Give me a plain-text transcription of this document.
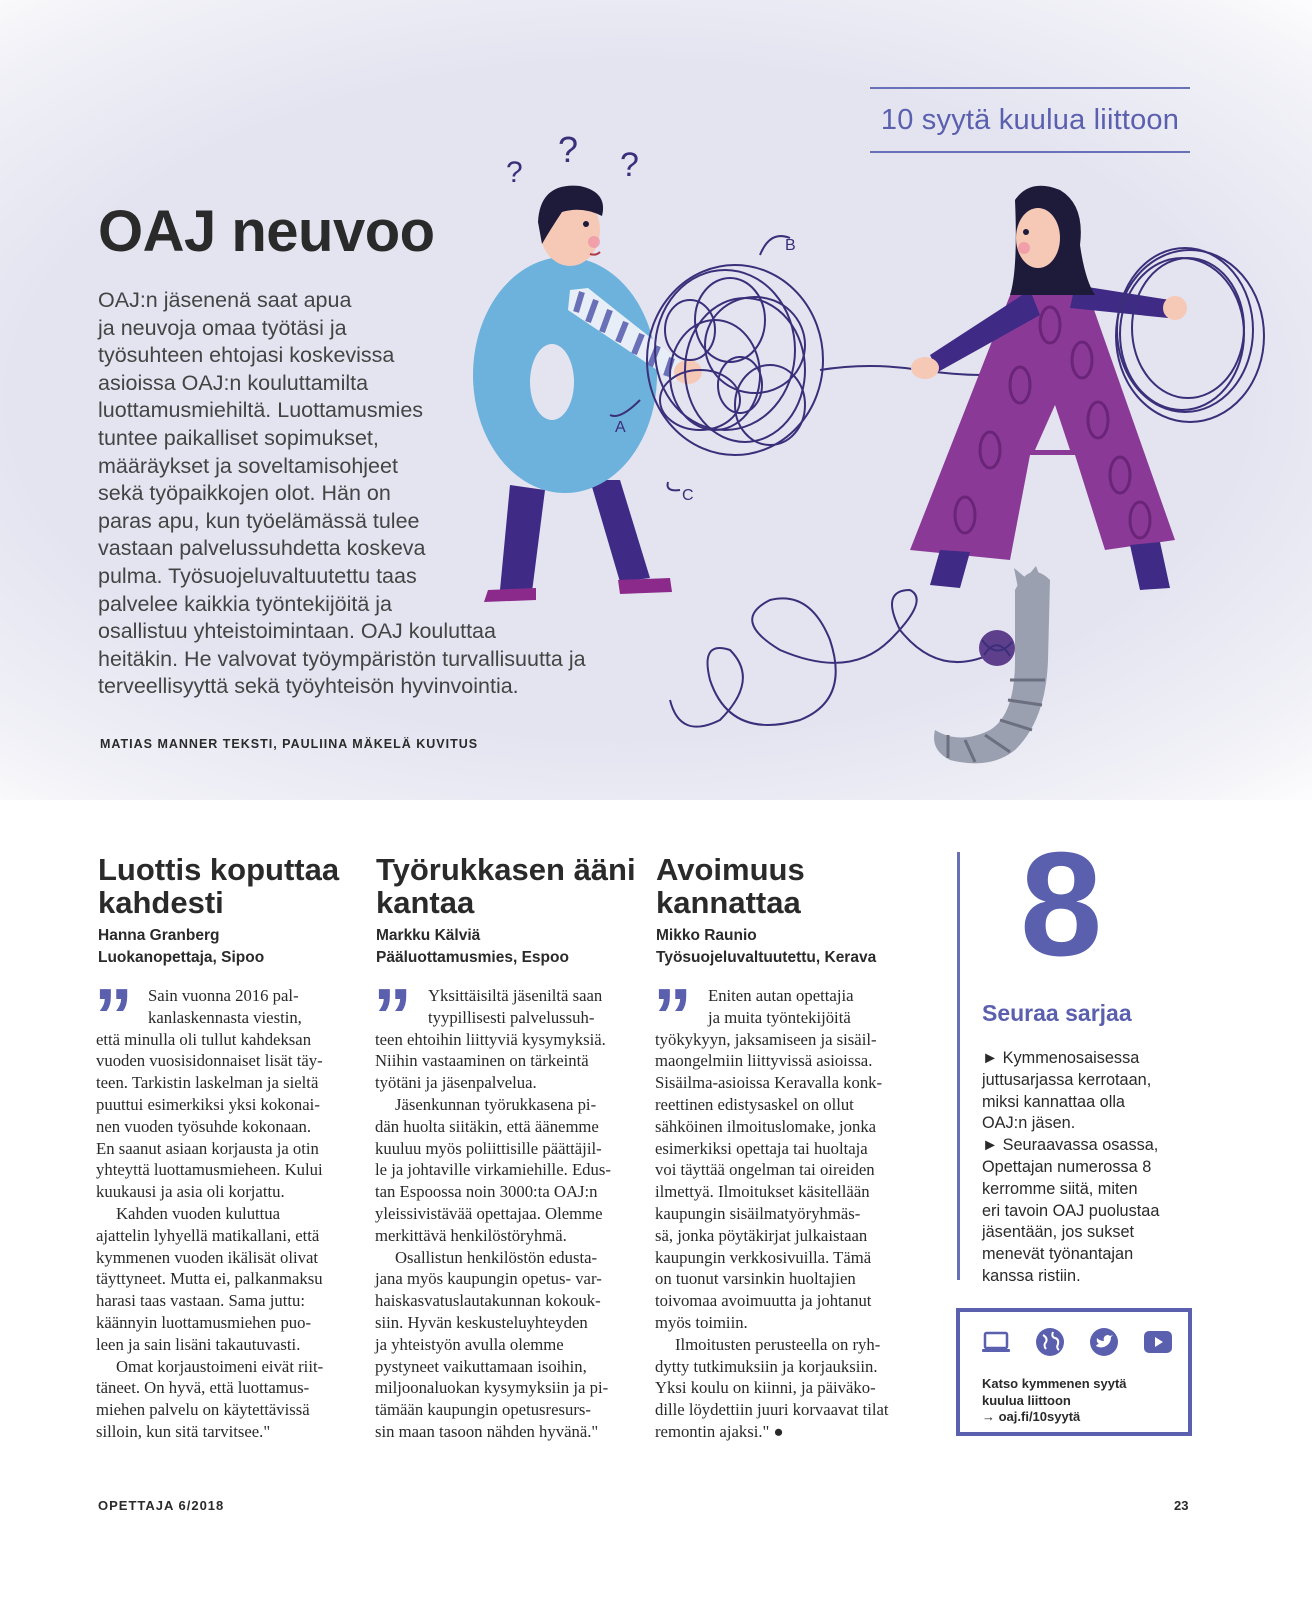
10 syytä kuulua liittoon
OAJ neuvoo

OAJ:n jäsenenä saat apua
ja neuvoja omaa työtäsi ja
työsuhteen ehtojasi koskevissa
asioissa OAJ:n kouluttamilta
luottamusmiehiltä. Luottamusmies
tuntee paikalliset sopimukset,
määräykset ja soveltamisohjeet
sekä työpaikkojen olot. Hän on
paras apu, kun työelämässä tulee
vastaan palvelussuhdetta koskeva
pulma. Työsuojeluvaltuutettu taas
palvelee kaikkia työntekijöitä ja
osallistuu yhteistoimintaan. OAJ kouluttaa
heitäkin. He valvovat työympäristön turvallisuutta ja
terveellisyyttä sekä työyhteisön hyvinvointia.

MATIAS MANNER TEKSTI, PAULIINA MÄKELÄ KUVITUS
?
? ?
A
B
C
Luottis koputtaa kahdesti
Hanna Granberg
Luokanopettaja, Sipoo
” Sain vuonna 2016 pal-
kanlaskennasta viestin,
että minulla oli tullut kahdeksan
vuoden vuosisidonnaiset lisät täy-
teen. Tarkistin laskelman ja sieltä
puuttui esimerkiksi yksi kokonai-
nen vuoden työsuhde kokonaan.
En saanut asiaan korjausta ja otin
yhteyttä luottamusmieheen. Kului
kuukausi ja asia oli korjattu.
Kahden vuoden kuluttua
ajattelin lyhyellä matikallani, että
kymmenen vuoden ikälisät olivat
täyttyneet. Mutta ei, palkanmaksu
harasi taas vastaan. Sama juttu:
käännyin luottamusmiehen puo-
leen ja sain lisäni takautuvasti.
Omat korjaustoimeni eivät riit-
täneet. On hyvä, että luottamus-
miehen palvelu on käytettävissä
silloin, kun sitä tarvitsee."
Työrukkasen ääni kantaa
Markku Kälviä
Pääluottamusmies, Espoo
” Yksittäisiltä jäseniltä saan
tyypillisesti palvelussuh-
teen ehtoihin liittyviä kysymyksiä.
Niihin vastaaminen on tärkeintä
työtäni ja jäsenpalvelua.
Jäsenkunnan työrukkasena pi-
dän huolta siitäkin, että äänemme
kuuluu myös poliittisille päättäjil-
le ja johtaville virkamiehille. Edus-
tan Espoossa noin 3000:ta OAJ:n
yleissivistävää opettajaa. Olemme
merkittävä henkilöstöryhmä.
Osallistun henkilöstön edusta-
jana myös kaupungin opetus- var-
haiskasvatuslautakunnan kokouk-
siin. Hyvän keskusteluyhteyden
ja yhteistyön avulla olemme
pystyneet vaikuttamaan isoihin,
miljoonaluokan kysymyksiin ja pi-
tämään kaupungin opetusresurs-
sin maan tasoon nähden hyvänä."
Avoimuus kannattaa
Mikko Raunio
Työsuojeluvaltuutettu, Kerava
” Eniten autan opettajia
ja muita työntekijöitä
työkykyyn, jaksamiseen ja sisäil-
maongelmiin liittyvissä asioissa.
Sisäilma-asioissa Keravalla konk-
reettinen edistysaskel on ollut
sähköinen ilmoituslomake, jonka
esimerkiksi opettaja tai huoltaja
voi täyttää ongelman tai oireiden
ilmettyä. Ilmoitukset käsitellään
kaupungin sisäilmatyöryhmäs-
sä, jonka pöytäkirjat julkaistaan
kaupungin verkkosivuilla. Tämä
on tuonut varsinkin huoltajien
toivomaa avoimuutta ja johtanut
myös toimiin.
Ilmoitusten perusteella on ryh-
dytty tutkimuksiin ja korjauksiin.
Yksi koulu on kiinni, ja päiväko-
dille löydettiin juuri korvaavat tilat
remontin ajaksi." ●
8
Seuraa sarjaa
► Kymmenosaisessa
juttusarjassa kerrotaan,
miksi kannattaa olla
OAJ:n jäsen.
► Seuraavassa osassa,
Opettajan numerossa 8
kerromme siitä, miten
eri tavoin OAJ puolustaa
jäsentään, jos sukset
menevät työnantajan
kanssa ristiin.
Katso kymmenen syytä
kuulua liittoon
→ oaj.fi/10syytä
OPETTAJA 6/2018	23
